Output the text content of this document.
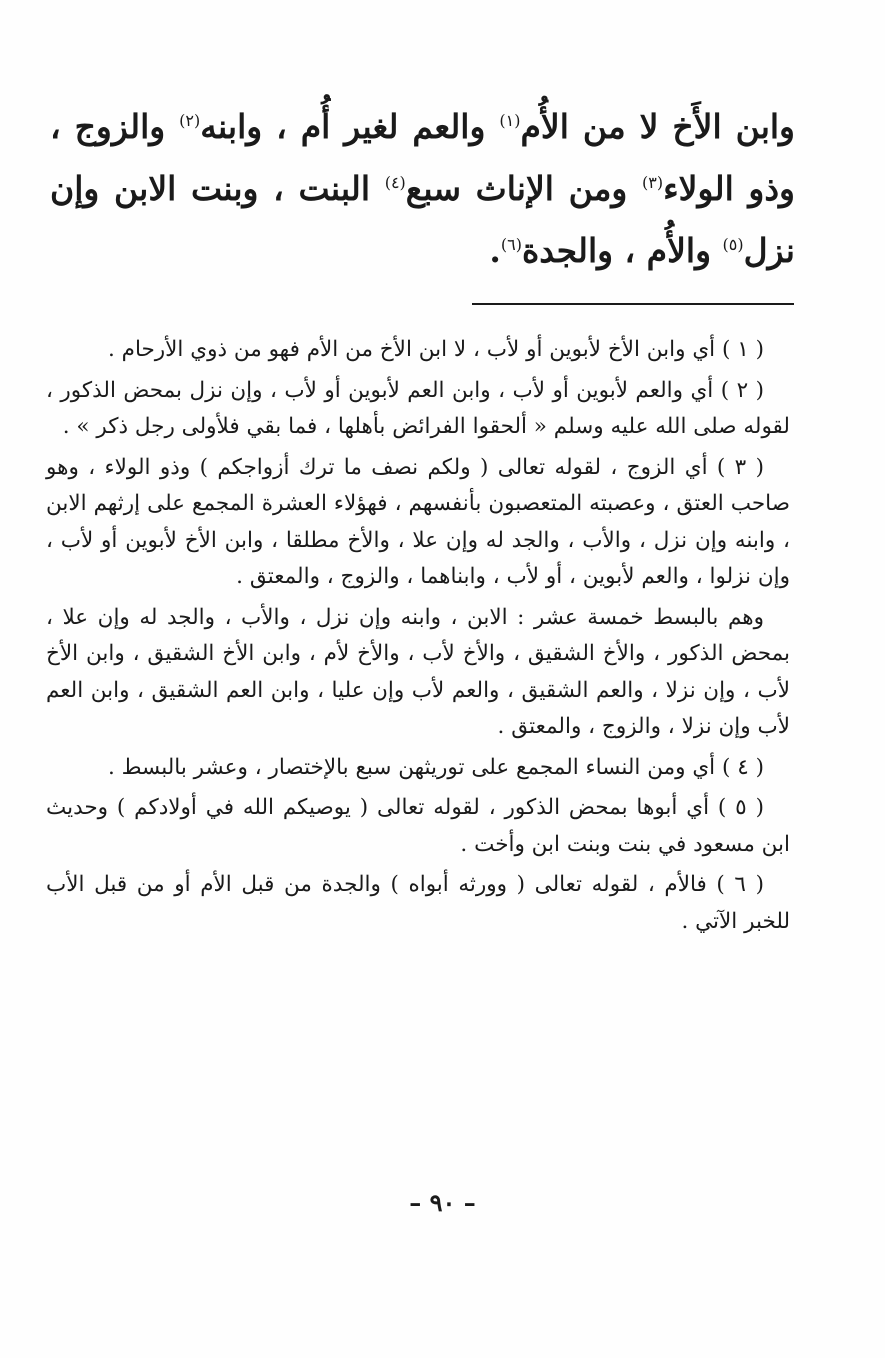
وابن الأَخ لا من الأُم$^{(١)}$ والعم لغير أُم ، وابنه$^{(٢)}$ والزوج ، وذو الولاء$^{(٣)}$ ومن الإناث سبع$^{(٤)}$ البنت ، وبنت الابن وإن نزل$^{(٥)}$ والأُم ، والجدة$^{(٦)}$.

( ١ ) أي وابن الأخ لأبوين أو لأب ، لا ابن الأخ من الأم فهو من ذوي الأرحام .

( ٢ ) أي والعم لأبوين أو لأب ، وابن العم لأبوين أو لأب ، وإن نزل بمحض الذكور ، لقوله صلى الله عليه وسلم « ألحقوا الفرائض بأهلها ، فما بقي فلأولى رجل ذكر » .

( ٣ ) أي الزوج ، لقوله تعالى ( ولكم نصف ما ترك أزواجكم ) وذو الولاء ، وهو صاحب العتق ، وعصبته المتعصبون بأنفسهم ، فهؤلاء العشرة المجمع على إرثهم الابن ، وابنه وإن نزل ، والأب ، والجد له وإن علا ، والأخ مطلقا ، وابن الأخ لأبوين أو لأب ، وإن نزلوا ، والعم لأبوين ، أو لأب ، وابناهما ، والزوج ، والمعتق .

وهم بالبسط خمسة عشر : الابن ، وابنه وإن نزل ، والأب ، والجد له وإن علا ، بمحض الذكور ، والأخ الشقيق ، والأخ لأب ، والأخ لأم ، وابن الأخ الشقيق ، وابن الأخ لأب ، وإن نزلا ، والعم الشقيق ، والعم لأب وإن عليا ، وابن العم الشقيق ، وابن العم لأب وإن نزلا ، والزوج ، والمعتق .

( ٤ ) أي ومن النساء المجمع على توريثهن سبع بالإختصار ، وعشر بالبسط .

( ٥ ) أي أبوها بمحض الذكور ، لقوله تعالى ( يوصيكم الله في أولادكم ) وحديث ابن مسعود في بنت وبنت ابن وأخت .

( ٦ ) فالأم ، لقوله تعالى ( وورثه أبواه ) والجدة من قبل الأم أو من قبل الأب للخبر الآتي .

– ٩٠ –
